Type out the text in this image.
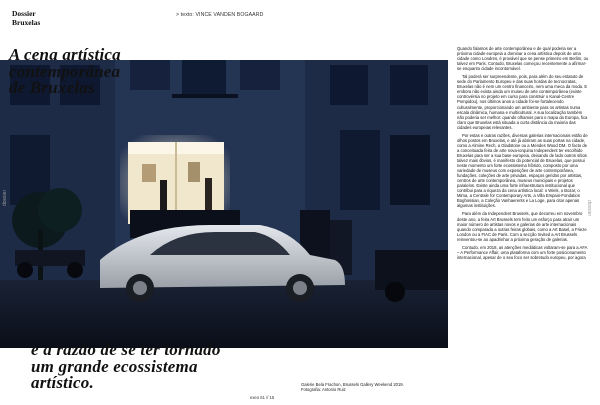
Dossier
Bruxelas
> texto: VINCE VANDEN BOGAARD
A cena artística
contemporânea
de Bruxelas
e a razão de se ter tornado
um grande ecossistema
artístico.	Galerie Bela Frachon, Brussels Gallery Weekend 2019.
Fotografia: Antonio Ruiz
exeo 61 // 15
dossier
dossier

Quando falamos de arte contemporânea e de qual poderia ser a próxima cidade europeia a dominar a cena artística depois de uma cidade como Londres, é provável que se pense primeiro em Berlim, ou talvez em Paris. Contudo, Bruxelas começou recentemente a afirmar-se enquanto cidade incontornável.

Tal poderá ser surpreendente, pois, para além do seu estatuto de sede do Parlamento Europeu e das suas hordas de tecnocratas, Bruxelas não é nem um centro financeiro, nem uma meca da moda. E embora não exista ainda um museu de arte contemporânea (existe controvérsia no projeto em curso para construir o Kanal-Centre Pompidou), nos últimos anos a cidade foi-se fortalecendo culturalmente, proporcionando um ambiente para os artistas numa escala dinâmica, humana e multicultural. A sua localização também não poderia ser melhor: quando olhamos para o mapa da Europa, fica claro que Bruxelas está situada a curta distância da maioria das cidades europeias relevantes.

Por estas e outras razões, diversas galerias internacionais estão de olhos postos em Bruxelas, e até já abriram as suas portas na cidade, como a Almine Rech, a Gladstone ou a Mendes Wood DM. O facto de a conceituada feira de arte nova-iorquina Independent ter escolhido Bruxelas para ser a sua base europeia, deixando de lado outros sítios talvez mais óbvios, é manifesto do potencial de Bruxelas, que possui neste momento um forte ecossistema híbrido, composto por uma variedade de museus com exposições de arte contemporânea, fundações, coleções de arte privadas, espaços geridos por artistas, centros de arte contemporânea, museus municipais e projetos paralelos. Existe ainda uma forte infraestrutura institucional que contribui para a riqueza da cena artística local: o Wiels, o Bozar, o Mima, a Centrale for Contemporary Arts, a Villa Empain-Fondation Boghossian, a Coleção Vanhaerents e La Loge, para citar apenas algumas instituições.

Para além da Independent Brussels, que decorreu em novembro deste ano, a feira Art Brussels tem feito um esforço para atrair um maior número de artistas novos e galerias de arte internacionais quando comparada a outras feiras globais, como a Art Basel, a Frieze London ou a FIAC de Paris. Com a secção Invited a Art Brussels reinventou-se ao apadrinhar a próxima geração de galerias.

Contudo, em 2018, as atenções mediáticas voltaram-se para a AFA – A Performance Affair, uma plataforma com um forte posicionamento internacional, apesar de o seu foco ser sobretudo europeu, por agora
